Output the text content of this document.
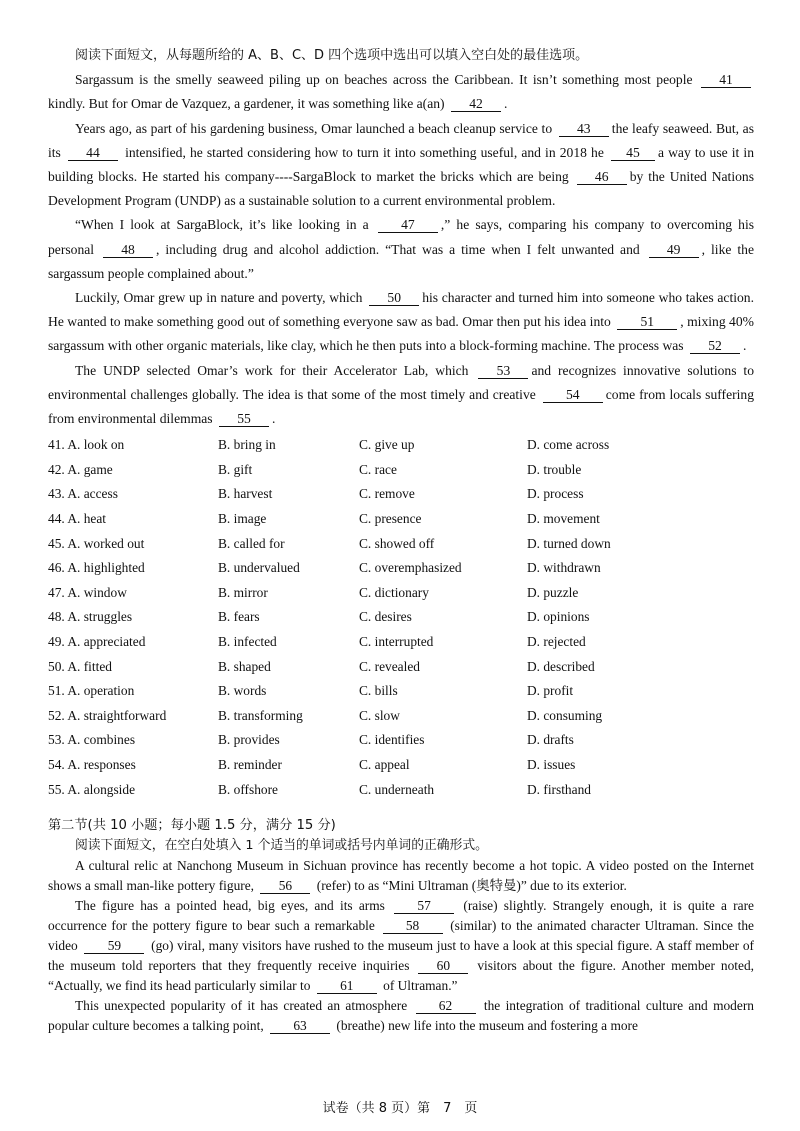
阅读下面短文，从每题所给的 A、B、C、D 四个选项中选出可以填入空白处的最佳选项。

Sargassum is the smelly seaweed piling up on beaches across the Caribbean. It isn’t something most people 41 kindly. But for Omar de Vazquez, a gardener, it was something like a(an) 42 .

Years ago, as part of his gardening business, Omar launched a beach cleanup service to 43 the leafy seaweed. But, as its 44 intensified, he started considering how to turn it into something useful, and in 2018 he 45 a way to use it in building blocks. He started his company----SargaBlock to market the bricks which are being 46 by the United Nations Development Program (UNDP) as a sustainable solution to a current environmental problem.

“When I look at SargaBlock, it’s like looking in a 47 ,” he says, comparing his company to overcoming his personal 48 , including drug and alcohol addiction. “That was a time when I felt unwanted and 49 , like the sargassum people complained about.”

Luckily, Omar grew up in nature and poverty, which 50 his character and turned him into someone who takes action. He wanted to make something good out of something everyone saw as bad. Omar then put his idea into 51 , mixing 40% sargassum with other organic materials, like clay, which he then puts into a block-forming machine. The process was 52 .

The UNDP selected Omar’s work for their Accelerator Lab, which 53 and recognizes innovative solutions to environmental challenges globally. The idea is that some of the most timely and creative 54 come from locals suffering from environmental dilemmas 55 .

41. A. look on	B. bring in	C. give up	D. come across
42. A. game	B. gift	C. race	D. trouble
43. A. access	B. harvest	C. remove	D. process
44. A. heat	B. image	C. presence	D. movement
45. A. worked out	B. called for	C. showed off	D. turned down
46. A. highlighted	B. undervalued	C. overemphasized	D. withdrawn
47. A. window	B. mirror	C. dictionary	D. puzzle
48. A. struggles	B. fears	C. desires	D. opinions
49. A. appreciated	B. infected	C. interrupted	D. rejected
50. A. fitted	B. shaped	C. revealed	D. described
51. A. operation	B. words	C. bills	D. profit
52. A. straightforward	B. transforming	C. slow	D. consuming
53. A. combines	B. provides	C. identifies	D. drafts
54. A. responses	B. reminder	C. appeal	D. issues
55. A. alongside	B. offshore	C. underneath	D. firsthand
第二节(共 10 小题；每小题 1.5 分，满分 15 分)

阅读下面短文，在空白处填入 1 个适当的单词或括号内单词的正确形式。

A cultural relic at Nanchong Museum in Sichuan province has recently become a hot topic. A video posted on the Internet shows a small man-like pottery figure, 56 (refer) to as “Mini Ultraman (奥特曼)” due to its exterior.

The figure has a pointed head, big eyes, and its arms 57 (raise) slightly. Strangely enough, it is quite a rare occurrence for the pottery figure to bear such a remarkable 58 (similar) to the animated character Ultraman. Since the video 59 (go) viral, many visitors have rushed to the museum just to have a look at this special figure. A staff member of the museum told reporters that they frequently receive inquiries 60 visitors about the figure. Another member noted, “Actually, we find its head particularly similar to 61 of Ultraman.”

This unexpected popularity of it has created an atmosphere 62 the integration of traditional culture and modern popular culture becomes a talking point, 63 (breathe) new life into the museum and fostering a more

试卷（共 8 页）第　7　页
